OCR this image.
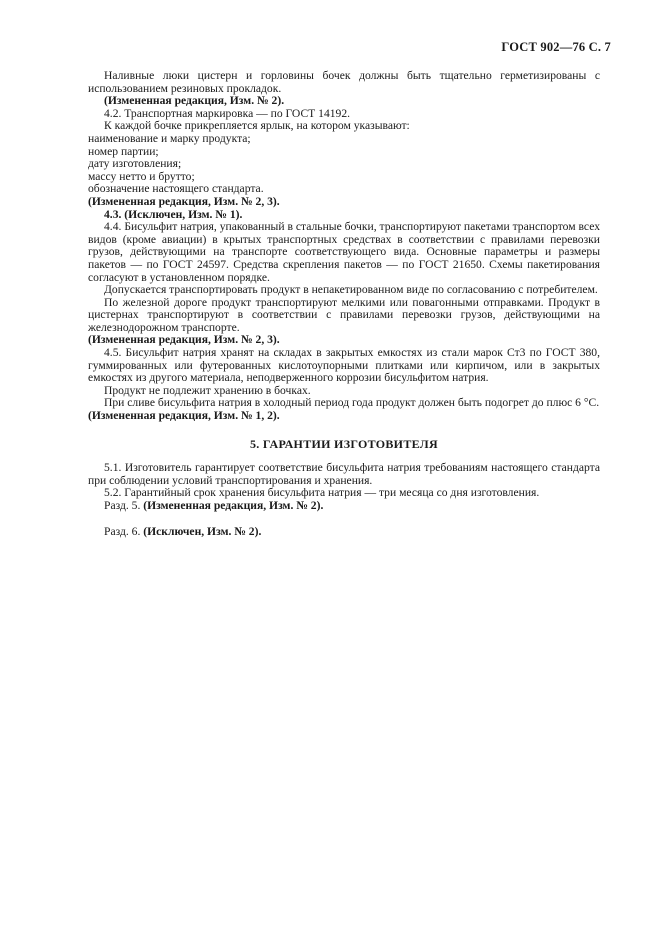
ГОСТ 902—76 С. 7

Наливные люки цистерн и горловины бочек должны быть тщательно герметизированы с использованием резиновых прокладок.

(Измененная редакция, Изм. № 2).

4.2. Транспортная маркировка — по ГОСТ 14192.

К каждой бочке прикрепляется ярлык, на котором указывают:

наименование и марку продукта;

номер партии;

дату изготовления;

массу нетто и брутто;

обозначение настоящего стандарта.

(Измененная редакция, Изм. № 2, 3).

4.3. (Исключен, Изм. № 1).

4.4. Бисульфит натрия, упакованный в стальные бочки, транспортируют пакетами транспортом всех видов (кроме авиации) в крытых транспортных средствах в соответствии с правилами перевозки грузов, действующими на транспорте соответствующего вида. Основные параметры и размеры пакетов — по ГОСТ 24597. Средства скрепления пакетов — по ГОСТ 21650. Схемы пакетирования согласуют в установленном порядке.

Допускается транспортировать продукт в непакетированном виде по согласованию с потребителем.

По железной дороге продукт транспортируют мелкими или повагонными отправками. Продукт в цистернах транспортируют в соответствии с правилами перевозки грузов, действующими на железнодорожном транспорте.

(Измененная редакция, Изм. № 2, 3).

4.5. Бисульфит натрия хранят на складах в закрытых емкостях из стали марок Ст3 по ГОСТ 380, гуммированных или футерованных кислотоупорными плитками или кирпичом, или в закрытых емкостях из другого материала, неподверженного коррозии бисульфитом натрия.

Продукт не подлежит хранению в бочках.

При сливе бисульфита натрия в холодный период года продукт должен быть подогрет до плюс 6 °С.

(Измененная редакция, Изм. № 1, 2).

5. ГАРАНТИИ ИЗГОТОВИТЕЛЯ

5.1. Изготовитель гарантирует соответствие бисульфита натрия требованиям настоящего стандарта при соблюдении условий транспортирования и хранения.

5.2. Гарантийный срок хранения бисульфита натрия — три месяца со дня изготовления.

Разд. 5. (Измененная редакция, Изм. № 2).

Разд. 6. (Исключен, Изм. № 2).
